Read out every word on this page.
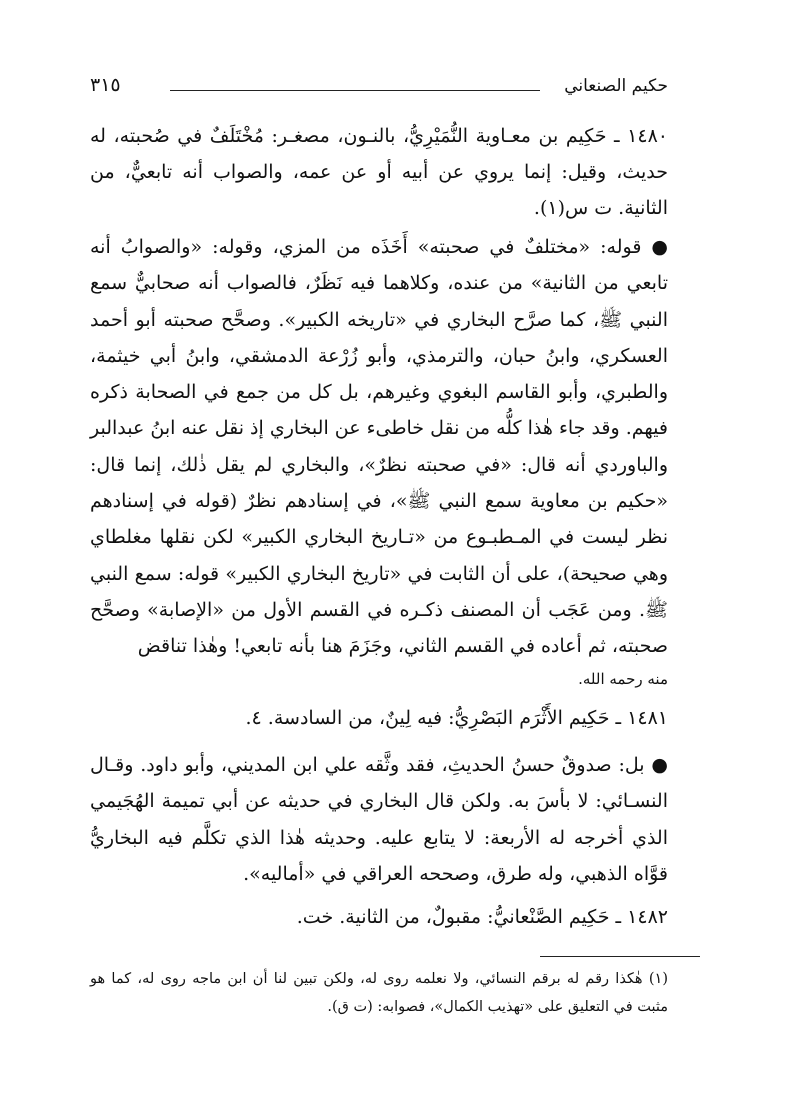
حكيم الصنعاني
٣١٥

١٤٨٠ ـ حَكِيم بن معـاوية النُّمَيْرِيُّ، بالنـون، مصغـر: مُخْتَلَفٌ في صُحبته، له حديث، وقيل: إنما يروي عن أبيه أو عن عمه، والصواب أنه تابعيٌّ، من الثانية. ت س(١).

● قوله: «مختلفٌ في صحبته» أَخَذَه من المزي، وقوله: «والصوابُ أنه تابعي من الثانية» من عنده، وكلاهما فيه نَظَرٌ، فالصواب أنه صحابيٌّ سمع النبي ﷺ، كما صرَّح البخاري في «تاريخه الكبير». وصحَّح صحبته أبو أحمد العسكري، وابنُ حبان، والترمذي، وأبو زُرْعة الدمشقي، وابنُ أبي خيثمة، والطبري، وأبو القاسم البغوي وغيرهم، بل كل من جمع في الصحابة ذكره فيهم. وقد جاء هٰذا كلُّه من نقل خاطىء عن البخاري إذ نقل عنه ابنُ عبدالبر والباوردي أنه قال: «في صحبته نظرٌ»، والبخاري لم يقل ذٰلك، إنما قال: «حكيم بن معاوية سمع النبي ﷺ»، في إسنادهم نظرٌ (قوله في إسنادهم نظر ليست في المـطبـوع من «تـاريخ البخاري الكبير» لكن نقلها مغلطاي وهي صحيحة)، على أن الثابت في «تاريخ البخاري الكبير» قوله: سمع النبي ﷺ. ومن عَجَب أن المصنف ذكـره في القسم الأول من «الإصابة» وصحَّح صحبته، ثم أعاده في القسم الثاني، وجَزَمَ هنا بأنه تابعي! وهٰذا تناقض

منه رحمه الله.

١٤٨١ ـ حَكِيم الأَثْرَم البَصْرِيُّ: فيه لِينٌ، من السادسة. ٤.

● بل: صدوقٌ حسنُ الحديثِ، فقد وثَّقه علي ابن المديني، وأبو داود. وقـال النسـائي: لا بأسَ به. ولكن قال البخاري في حديثه عن أبي تميمة الهُجَيمي الذي أخرجه له الأربعة: لا يتابع عليه. وحديثه هٰذا الذي تكلَّم فيه البخاريُّ قوَّاه الذهبي، وله طرق، وصححه العراقي في «أماليه».

١٤٨٢ ـ حَكِيم الصَّنْعانيُّ: مقبولٌ، من الثانية. خت.

(١) هٰكذا رقم له برقم النسائي، ولا نعلمه روى له، ولكن تبين لنا أن ابن ماجه روى له، كما هو مثبت في التعليق على «تهذيب الكمال»، فصوابه: (ت ق).
